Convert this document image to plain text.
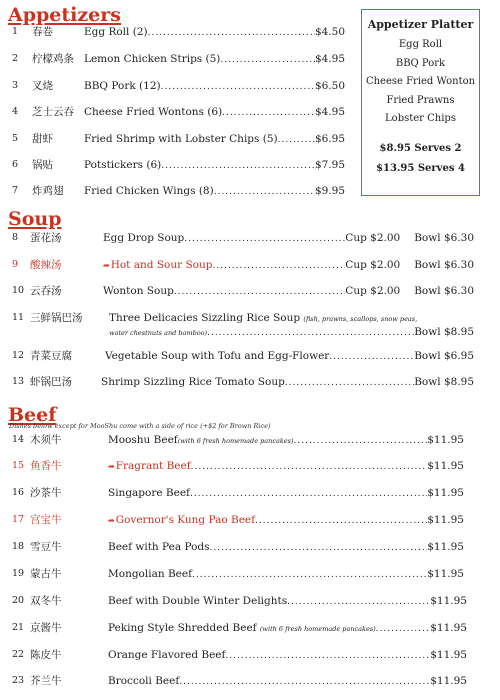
Appetizers
1 春卷	Egg Roll (2) .....	$4.50
2 柠檬鸡条 Lemon Chicken Strips (5) .....	$4.95
3 叉烧	BBQ Pork (12) .....	$6.50
4 芝士云吞 Cheese Fried Wontons (6) .....	$4.95
5 甜虾	Fried Shrimp with Lobster Chips (5) .....	$6.95
6 锅贴	Potstickers (6) .....	$7.95
7 炸鸡翅 Fried Chicken Wings (8) .....	$9.95
Appetizer Platter
Egg Roll
BBQ Pork
Cheese Fried Wonton
Fried Prawns
Lobster Chips
$8.95 Serves 2
$13.95 Serves 4
Soup
8 蛋花汤	Egg Drop Soup .....	Cup $2.00 Bowl $6.30
9 酸辣汤	➦Hot and Sour Soup .....	Cup $2.00 Bowl $6.30
10 云吞汤	Wonton Soup .....	Cup $2.00 Bowl $6.30
11 三鲜锅巴汤	Three Delicacies Sizzling Rice Soup (fish, prawns, scallops, snow peas,
water chestnuts and bamboo) .....	Bowl $8.95
12 青菜豆腐	Vegetable Soup with Tofu and Egg-Flower .....	Bowl $6.95
13 虾锅巴汤	Shrimp Sizzling Rice Tomato Soup .....	Bowl $8.95
Beef
Dishes below except for MooShu come with a side of rice (+$2 for Brown Rice)
14 木须牛	Mooshu Beef(with 6 fresh homemade pancakes) .....	$11.95
15 鱼香牛	➦Fragrant Beef .....	$11.95
16 沙茶牛	Singapore Beef .....	$11.95
17 宫宝牛	➦Governor's Kung Pao Beef .....	$11.95
18 雪豆牛	Beef with Pea Pods .....	$11.95
19 蒙古牛	Mongolian Beef .....	$11.95
20 双冬牛	Beef with Double Winter Delights .....	$11.95
21 京酱牛	Peking Style Shredded Beef (with 6 fresh homemade pancakes) .....	$11.95
22 陈皮牛	Orange Flavored Beef .....	$11.95
23 芥兰牛	Broccoli Beef .....	$11.95
